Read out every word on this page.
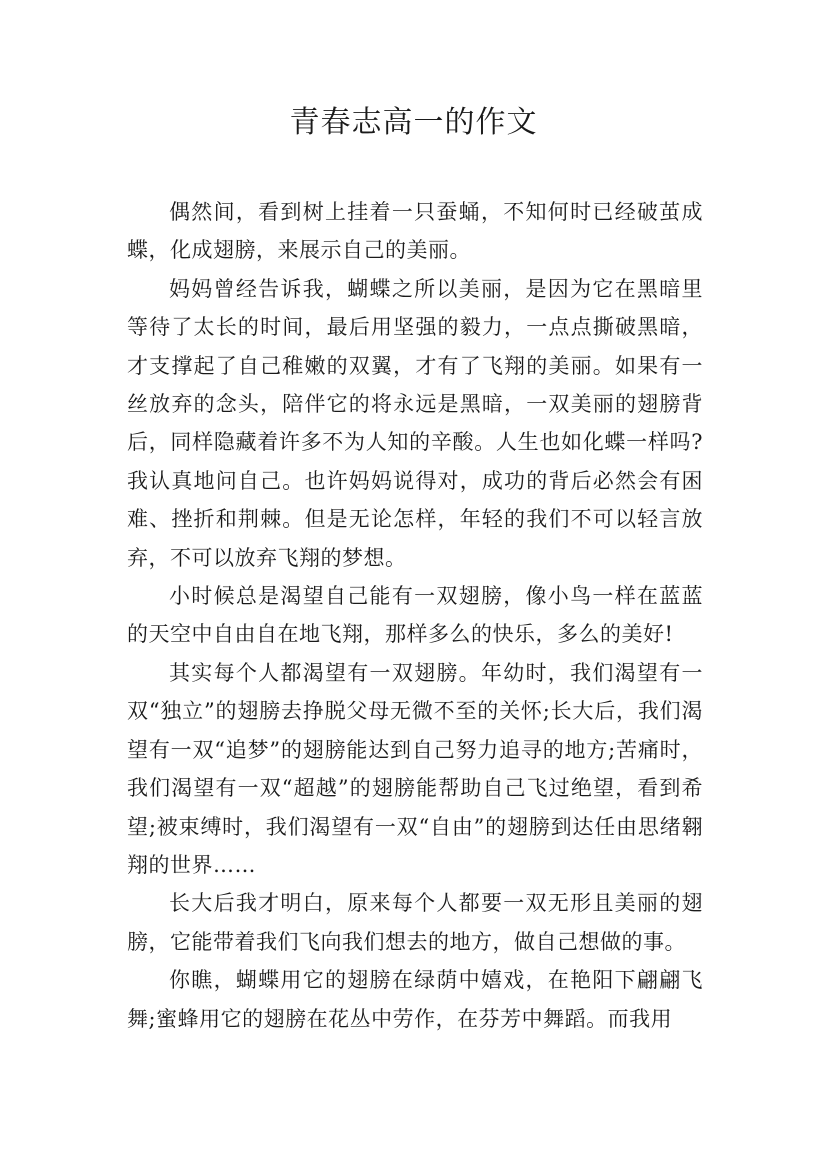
青春志高一的作文

偶然间，看到树上挂着一只蚕蛹，不知何时已经破茧成蝶，化成翅膀，来展示自己的美丽。

妈妈曾经告诉我，蝴蝶之所以美丽，是因为它在黑暗里等待了太长的时间，最后用坚强的毅力，一点点撕破黑暗，才支撑起了自己稚嫩的双翼，才有了飞翔的美丽。如果有一丝放弃的念头，陪伴它的将永远是黑暗，一双美丽的翅膀背后，同样隐藏着许多不为人知的辛酸。人生也如化蝶一样吗?我认真地问自己。也许妈妈说得对，成功的背后必然会有困难、挫折和荆棘。但是无论怎样，年轻的我们不可以轻言放弃，不可以放弃飞翔的梦想。

小时候总是渴望自己能有一双翅膀，像小鸟一样在蓝蓝的天空中自由自在地飞翔，那样多么的快乐，多么的美好!

其实每个人都渴望有一双翅膀。年幼时，我们渴望有一双“独立”的翅膀去挣脱父母无微不至的关怀;长大后，我们渴望有一双“追梦”的翅膀能达到自己努力追寻的地方;苦痛时，我们渴望有一双“超越”的翅膀能帮助自己飞过绝望，看到希望;被束缚时，我们渴望有一双“自由”的翅膀到达任由思绪翱翔的世界……

长大后我才明白，原来每个人都要一双无形且美丽的翅膀，它能带着我们飞向我们想去的地方，做自己想做的事。

你瞧，蝴蝶用它的翅膀在绿荫中嬉戏，在艳阳下翩翩飞舞;蜜蜂用它的翅膀在花丛中劳作，在芬芳中舞蹈。而我用
